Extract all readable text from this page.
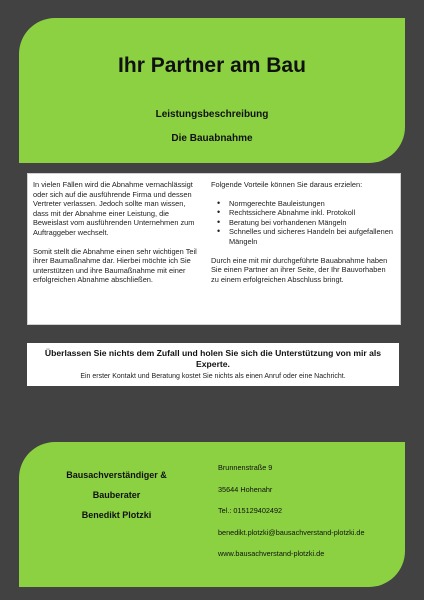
Ihr Partner am Bau
Leistungsbeschreibung
Die Bauabnahme

In vielen Fällen wird die Abnahme vernachlässigt oder sich auf die ausführende Firma und dessen Vertreter verlassen. Jedoch sollte man wissen, dass mit der Abnahme einer Leistung, die Beweislast vom ausführenden Unternehmen zum Auftraggeber wechselt.

Somit stellt die Abnahme einen sehr wichtigen Teil ihrer Baumaßnahme dar. Hierbei möchte ich Sie unterstützen und ihre Baumaßnahme mit einer erfolgreichen Abnahme abschließen.

Folgende Vorteile können Sie daraus erzielen:

• Normgerechte Bauleistungen
• Rechtssichere Abnahme inkl. Protokoll
• Beratung bei vorhandenen Mängeln
• Schnelles und sicheres Handeln bei aufgefallenen Mängeln

Durch eine mit mir durchgeführte Bauabnahme haben Sie einen Partner an ihrer Seite, der Ihr Bauvorhaben zu einem erfolgreichen Abschluss bringt.

Überlassen Sie nichts dem Zufall und holen Sie sich die Unterstützung von mir als Experte.
Ein erster Kontakt und Beratung kostet Sie nichts als einen Anruf oder eine Nachricht.
Bausachverständiger &
Bauberater
Benedikt Plotzki
Brunnenstraße 9
35644 Hohenahr
Tel.: 015129402492
benedikt.plotzki@bausachverstand-plotzki.de
www.bausachverstand-plotzki.de
